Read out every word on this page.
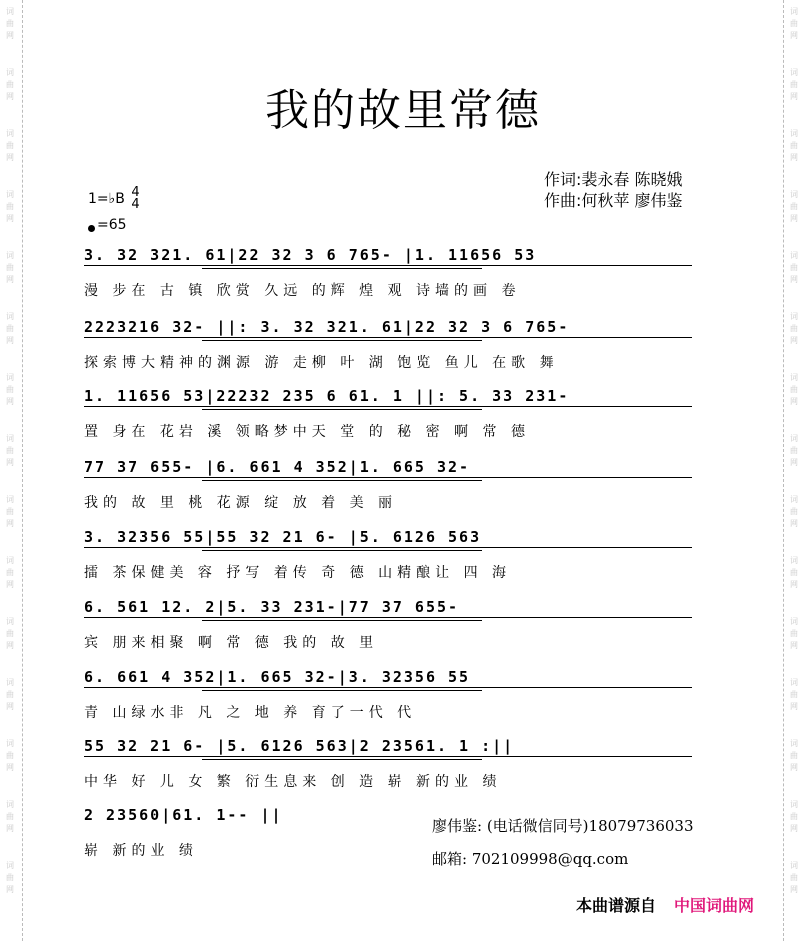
词
曲
网
词
曲
网
词
曲
网
词
曲
网
词
曲
网
词
曲
网
词
曲
网
词
曲
网
词
曲
网
词
曲
网
词
曲
网
词
曲
网
词
曲
网
词
曲
网
词
曲
网
词
曲
网
词
曲
网
词
曲
网
词
曲
网
词
曲
网
词
曲
网
词
曲
网
词
曲
网
词
曲
网
词
曲
网
词
曲
网
词
曲
网
词
曲
网
词
曲
网
词
曲
网
我的故里常德
作词:裴永春 陈晓娥
作曲:何秋苹 廖伟鉴
1=♭B 4
4
=65
3. 32 321. 61|22 32 3 6 765- |1. 11656 53
漫 步在 古 镇 欣赏 久远 的辉 煌 观 诗墙的画 卷
2223216 32- ||: 3. 32 321. 61|22 32 3 6 765-
探索博大精神的渊源 游 走柳 叶 湖 饱览 鱼儿 在歌 舞
1. 11656 53|22232 235 6 61. 1 ||: 5. 33 231-
置 身在 花岩 溪 领略梦中天 堂 的 秘 密 啊 常 德
77 37 655- |6. 661 4 352|1. 665 32-
我的 故 里 桃 花源 绽 放 着 美 丽
3. 32356 55|55 32 21 6- |5. 6126 563
擂 茶保健美 容 抒写 着传 奇 德 山精酿让 四 海
6. 561 12. 2|5. 33 231-|77 37 655-
宾 朋来相聚 啊 常 德 我的 故 里
6. 661 4 352|1. 665 32-|3. 32356 55
青 山绿水非 凡 之 地 养 育了一代 代
55 32 21 6- |5. 6126 563|2 23561. 1 :||
中华 好 儿 女 繁 衍生息来 创 造 崭 新的业 绩
2 23560|61. 1-- ||
崭 新的业 绩
廖伟鉴: (电话微信同号)18079736033
邮箱: 702109998@qq.com
本曲谱源自 中国词曲网
